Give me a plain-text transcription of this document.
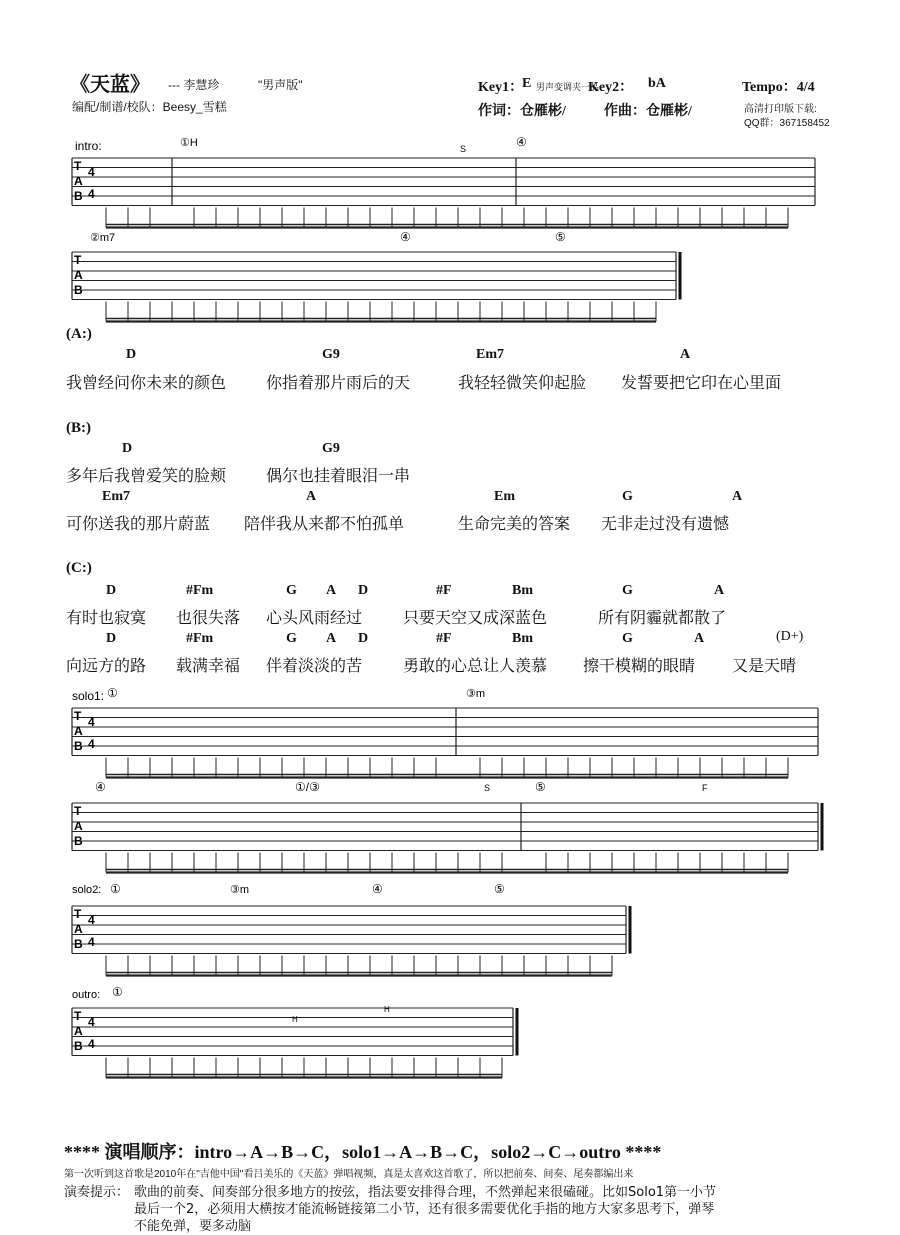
《天蓝》 --- 李慧珍	"男声版"
编配/制谱/校队：Beesy_雪糕
Key1：
E 男声变调夹一品
Key2： bA	Tempo：4/4
作词：仓雁彬/	作曲：仓雁彬/	高清打印版下载:
QQ群：367158452
intro:
solo1:
solo2:
outro:
①H	S	④
②m7	④	⑤
①	③m
④	①/③	S	⑤	F
①	③m	④	⑤
①
H
H
T
A
B
4
4
T
A
B
T
A
B
4
4
T
A
B
T
A
B
4
4
T
A
B
4
4
(A:)
D	G9	Em7	A
我曾经问你未来的颜色 你指着那片雨后的天	我轻轻微笑仰起脸 发誓要把它印在心里面
(B:)
D	G9
多年后我曾爱笑的脸颊 偶尔也挂着眼泪一串
Em7	A	Em	G	A
可你送我的那片蔚蓝 陪伴我从来都不怕孤单	生命完美的答案 无非走过没有遗憾
(C:)
D	#Fm	G A D	#F	Bm	G	A
有时也寂寞 也很失落 心头风雨经过	只要天空又成深蓝色	所有阴霾就都散了
D	#Fm	G A D	#F	Bm	G	A	(D+)
向远方的路 载满幸福 伴着淡淡的苦	勇敢的心总让人羡慕 擦干模糊的眼睛 又是天晴
**** 演唱顺序：intro→A→B→C，solo1→A→B→C，solo2→C→outro ****
第一次听到这首歌是2010年在"吉他中国"看吕美乐的《天蓝》弹唱视频，真是太喜欢这首歌了，所以把前奏、间奏、尾奏都编出来
演奏提示： 歌曲的前奏、间奏部分很多地方的按弦，指法要安排得合理，不然弹起来很磕碰。比如Solo1第一小节
最后一个2，必须用大横按才能流畅链接第二小节，还有很多需要优化手指的地方大家多思考下，弹琴
不能免弹，要多动脑
